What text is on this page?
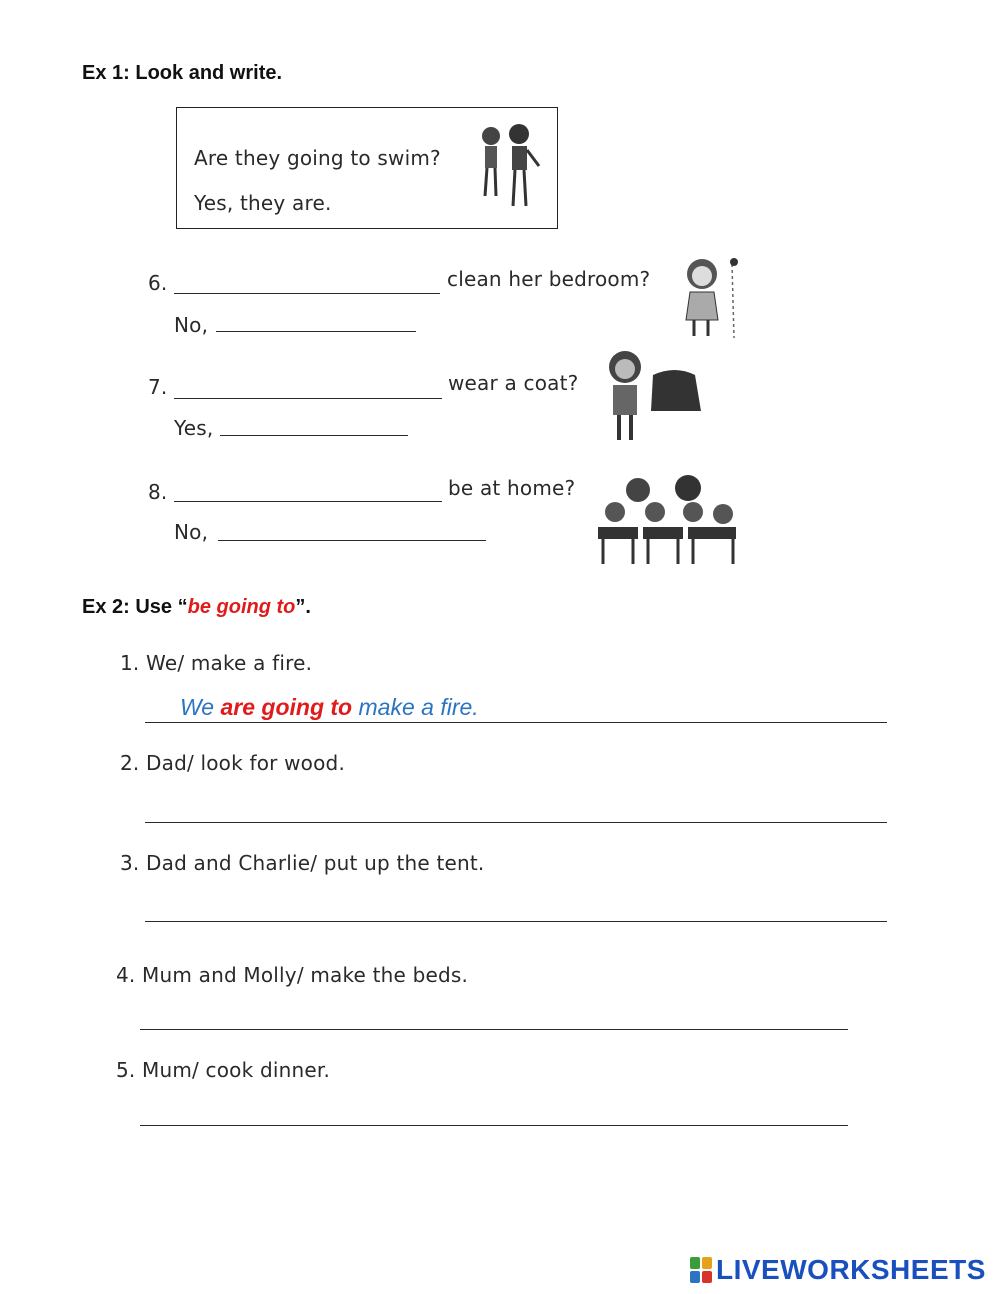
Ex 1: Look and write.
Are they going to swim?
Yes, they are.
6.	clean her bedroom?
No,
7.	wear a coat?
Yes,
8.	be at home?
No,
Ex 2: Use “be going to”.
1. We/ make a fire.
We are going to make a fire.
2. Dad/ look for wood.
3. Dad and Charlie/ put up the tent.
4. Mum and Molly/ make the beds.
5. Mum/ cook dinner.
LIVEWORKSHEETS
